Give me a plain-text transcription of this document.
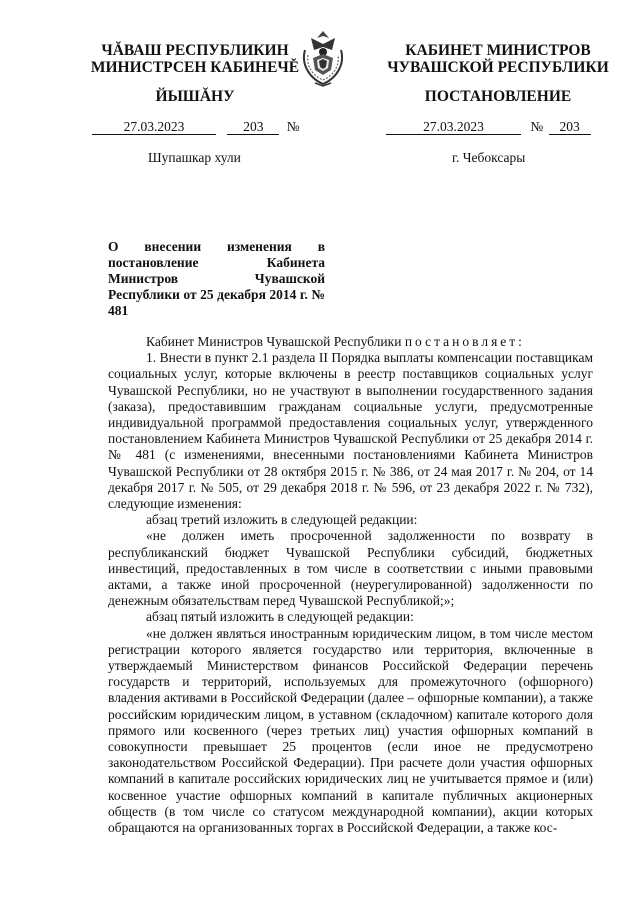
ЧĂВАШ РЕСПУБЛИКИН
МИНИСТРСЕН КАБИНЕЧĚ
КАБИНЕТ МИНИСТРОВ
ЧУВАШСКОЙ РЕСПУБЛИКИ
ЙЫШĂНУ	ПОСТАНОВЛЕНИЕ
27.03.2023	203 №	27.03.2023	№ 203
Шупашкар хули	г. Чебоксары
О внесении изменения в постановление Кабинета Министров Чувашской Республики от 25 декабря 2014 г. № 481

Кабинет Министров Чувашской Республики постановляет:

1. Внести в пункт 2.1 раздела II Порядка выплаты компенсации поставщикам социальных услуг, которые включены в реестр поставщиков социальных услуг Чувашской Республики, но не участвуют в выполнении государственного задания (заказа), предоставившим гражданам социальные услуги, предусмотренные индивидуальной программой предоставления социальных услуг, утвержденного постановлением Кабинета Министров Чувашской Республики от 25 декабря 2014 г. № 481 (с изменениями, внесенными постановлениями Кабинета Министров Чувашской Республики от 28 октября 2015 г. № 386, от 24 мая 2017 г. № 204, от 14 декабря 2017 г. № 505, от 29 декабря 2018 г. № 596, от 23 декабря 2022 г. № 732), следующие изменения:

абзац третий изложить в следующей редакции:

«не должен иметь просроченной задолженности по возврату в республиканский бюджет Чувашской Республики субсидий, бюджетных инвестиций, предоставленных в том числе в соответствии с иными правовыми актами, а также иной просроченной (неурегулированной) задолженности по денежным обязательствам перед Чувашской Республикой;»;

абзац пятый изложить в следующей редакции:

«не должен являться иностранным юридическим лицом, в том числе местом регистрации которого является государство или территория, включенные в утверждаемый Министерством финансов Российской Федерации перечень государств и территорий, используемых для промежуточного (офшорного) владения активами в Российской Федерации (далее – офшорные компании), а также российским юридическим лицом, в уставном (складочном) капитале которого доля прямого или косвенного (через третьих лиц) участия офшорных компаний в совокупности превышает 25 процентов (если иное не предусмотрено законодательством Российской Федерации). При расчете доли участия офшорных компаний в капитале российских юридических лиц не учитывается прямое и (или) косвенное участие офшорных компаний в капитале публичных акционерных обществ (в том числе со статусом международной компании), акции которых обращаются на организованных торгах в Российской Федерации, а также кос-
